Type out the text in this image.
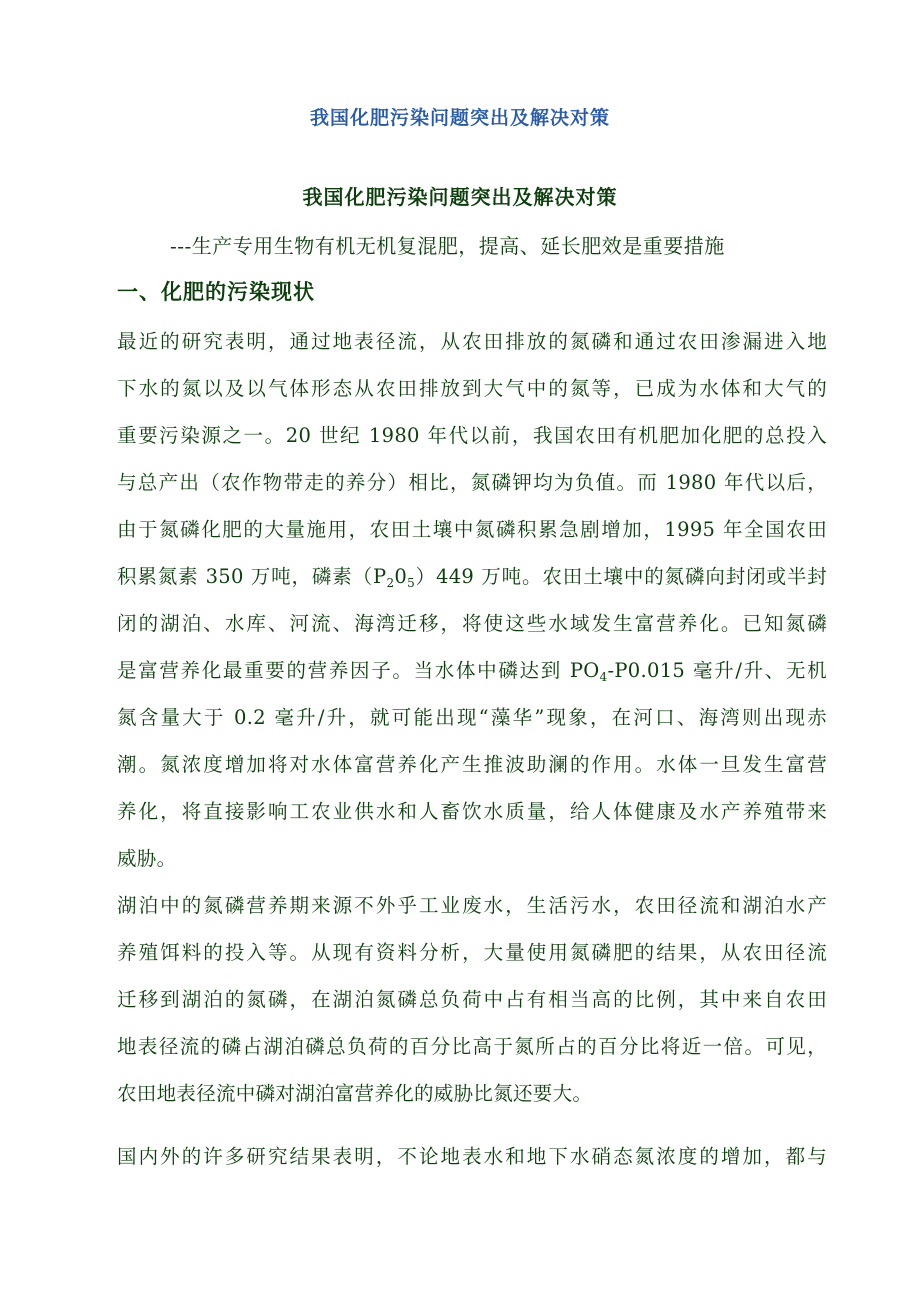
我国化肥污染问题突出及解决对策
我国化肥污染问题突出及解决对策
---生产专用生物有机无机复混肥，提高、延长肥效是重要措施
一、化肥的污染现状
最近的研究表明，通过地表径流，从农田排放的氮磷和通过农田渗漏进入地
下水的氮以及以气体形态从农田排放到大气中的氮等，已成为水体和大气的
重要污染源之一。20 世纪 1980 年代以前，我国农田有机肥加化肥的总投入
与总产出（农作物带走的养分）相比，氮磷钾均为负值。而 1980 年代以后，
由于氮磷化肥的大量施用，农田土壤中氮磷积累急剧增加，1995 年全国农田
积累氮素 350 万吨，磷素$(P_20_5)449$ 万吨。农田土壤中的氮磷向封闭或半封
闭的湖泊、水库、河流、海湾迁移，将使这些水域发生富营养化。已知氮磷
是富营养化最重要的营养因子。当水体中磷达到 $PO_4-P0.015$ 毫升/升、无机
氮含量大于 0.2 毫升/升，就可能出现“藻华”现象，在河口、海湾则出现赤
潮。氮浓度增加将对水体富营养化产生推波助澜的作用。水体一旦发生富营
养化，将直接影响工农业供水和人畜饮水质量，给人体健康及水产养殖带来
威胁。
湖泊中的氮磷营养期来源不外乎工业废水，生活污水，农田径流和湖泊水产
养殖饵料的投入等。从现有资料分析，大量使用氮磷肥的结果，从农田径流
迁移到湖泊的氮磷，在湖泊氮磷总负荷中占有相当高的比例，其中来自农田
地表径流的磷占湖泊磷总负荷的百分比高于氮所占的百分比将近一倍。可见，
农田地表径流中磷对湖泊富营养化的威胁比氮还要大。
国内外的许多研究结果表明，不论地表水和地下水硝态氮浓度的增加，都与
